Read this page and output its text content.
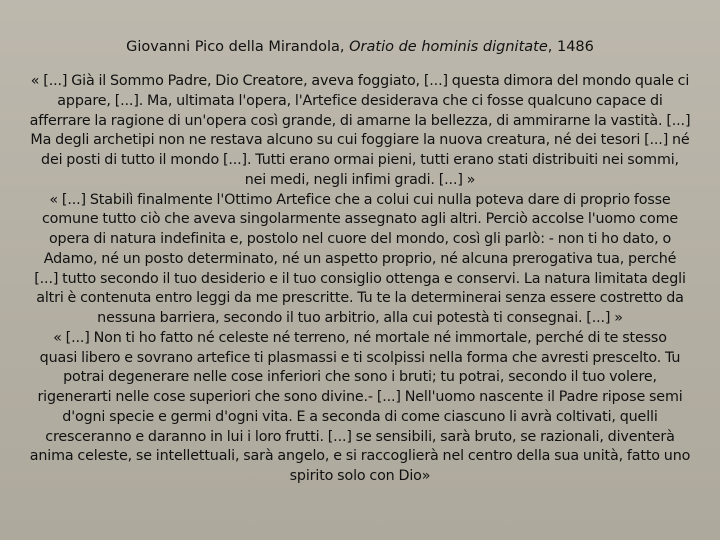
Giovanni Pico della Mirandola, Oratio de hominis dignitate, 1486

« [...] Già il Sommo Padre, Dio Creatore, aveva foggiato, [...] questa dimora del mondo quale ci
appare, [...]. Ma, ultimata l'opera, l'Artefice desiderava che ci fosse qualcuno capace di
afferrare la ragione di un'opera così grande, di amarne la bellezza, di ammirarne la vastità. [...]
Ma degli archetipi non ne restava alcuno su cui foggiare la nuova creatura, né dei tesori [...] né
dei posti di tutto il mondo [...]. Tutti erano ormai pieni, tutti erano stati distribuiti nei sommi,
nei medi, negli infimi gradi. [...] »
« [...] Stabilì finalmente l'Ottimo Artefice che a colui cui nulla poteva dare di proprio fosse
comune tutto ciò che aveva singolarmente assegnato agli altri. Perciò accolse l'uomo come
opera di natura indefinita e, postolo nel cuore del mondo, così gli parlò: - non ti ho dato, o
Adamo, né un posto determinato, né un aspetto proprio, né alcuna prerogativa tua, perché
[...] tutto secondo il tuo desiderio e il tuo consiglio ottenga e conservi. La natura limitata degli
altri è contenuta entro leggi da me prescritte. Tu te la determinerai senza essere costretto da
nessuna barriera, secondo il tuo arbitrio, alla cui potestà ti consegnai. [...] »
« [...] Non ti ho fatto né celeste né terreno, né mortale né immortale, perché di te stesso
quasi libero e sovrano artefice ti plasmassi e ti scolpissi nella forma che avresti prescelto. Tu
potrai degenerare nelle cose inferiori che sono i bruti; tu potrai, secondo il tuo volere,
rigenerarti nelle cose superiori che sono divine.- [...] Nell'uomo nascente il Padre ripose semi
d'ogni specie e germi d'ogni vita. E a seconda di come ciascuno li avrà coltivati, quelli
cresceranno e daranno in lui i loro frutti. [...] se sensibili, sarà bruto, se razionali, diventerà
anima celeste, se intellettuali, sarà angelo, e si raccoglierà nel centro della sua unità, fatto uno
spirito solo con Dio»
